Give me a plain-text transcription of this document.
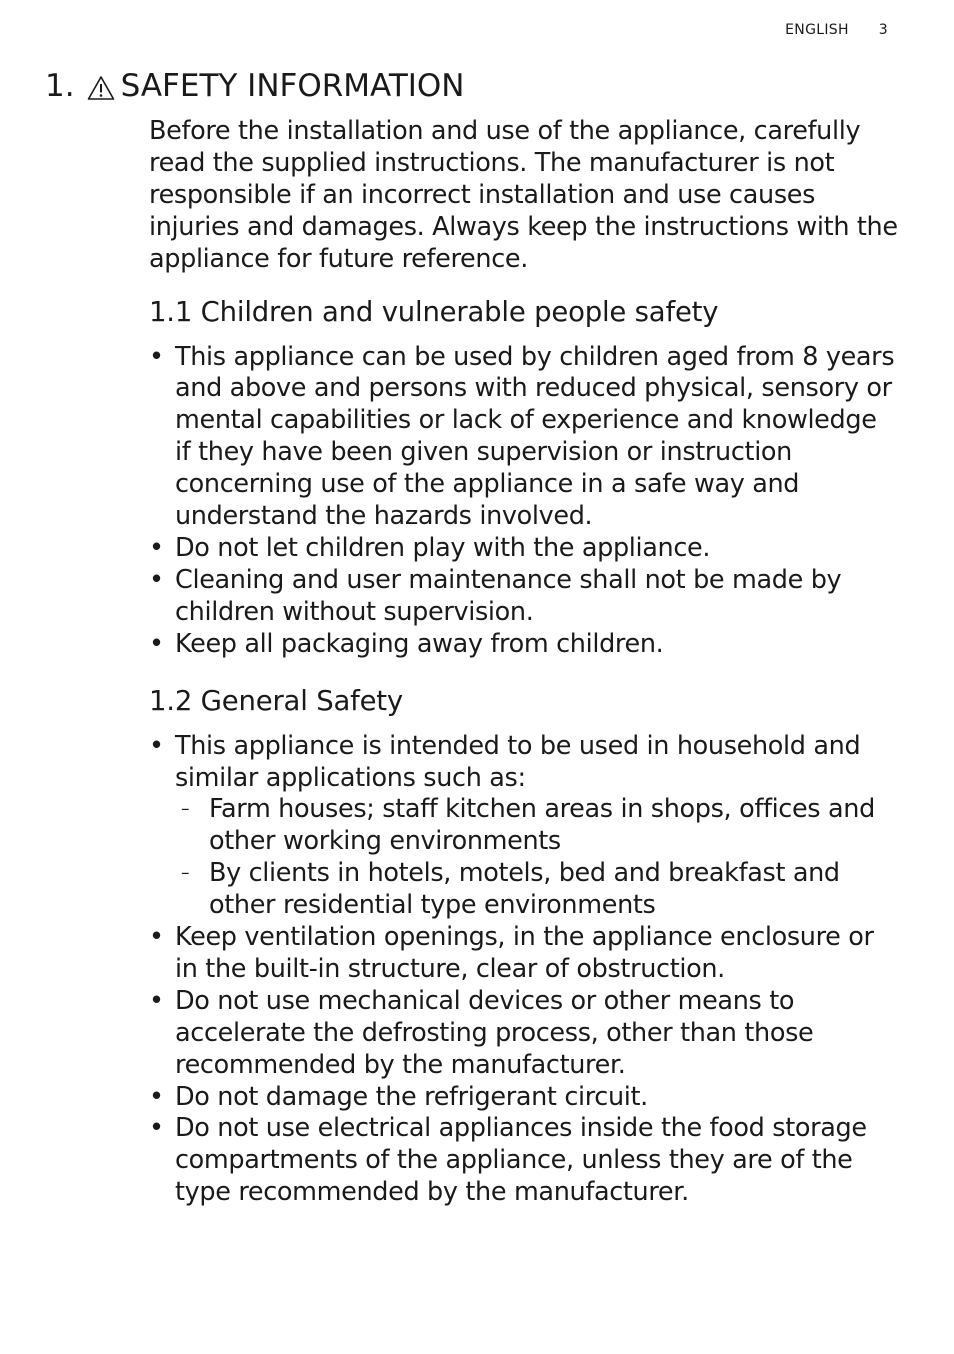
ENGLISH 3
1. SAFETY INFORMATION

Before the installation and use of the appliance, carefully read the supplied instructions. The manufacturer is not responsible if an incorrect installation and use causes injuries and damages. Always keep the instructions with the appliance for future reference.

1.1 Children and vulnerable people safety
• This appliance can be used by children aged from 8 years and above and persons with reduced physical, sensory or mental capabilities or lack of experience and knowledge if they have been given supervision or instruction concerning use of the appliance in a safe way and understand the hazards involved.
• Do not let children play with the appliance.
• Cleaning and user maintenance shall not be made by children without supervision.
• Keep all packaging away from children.
1.2 General Safety
• This appliance is intended to be used in household and similar applications such as:
– Farm houses; staff kitchen areas in shops, offices and other working environments
– By clients in hotels, motels, bed and breakfast and other residential type environments
• Keep ventilation openings, in the appliance enclosure or in the built-in structure, clear of obstruction.
• Do not use mechanical devices or other means to accelerate the defrosting process, other than those recommended by the manufacturer.
• Do not damage the refrigerant circuit.
• Do not use electrical appliances inside the food storage compartments of the appliance, unless they are of the type recommended by the manufacturer.
